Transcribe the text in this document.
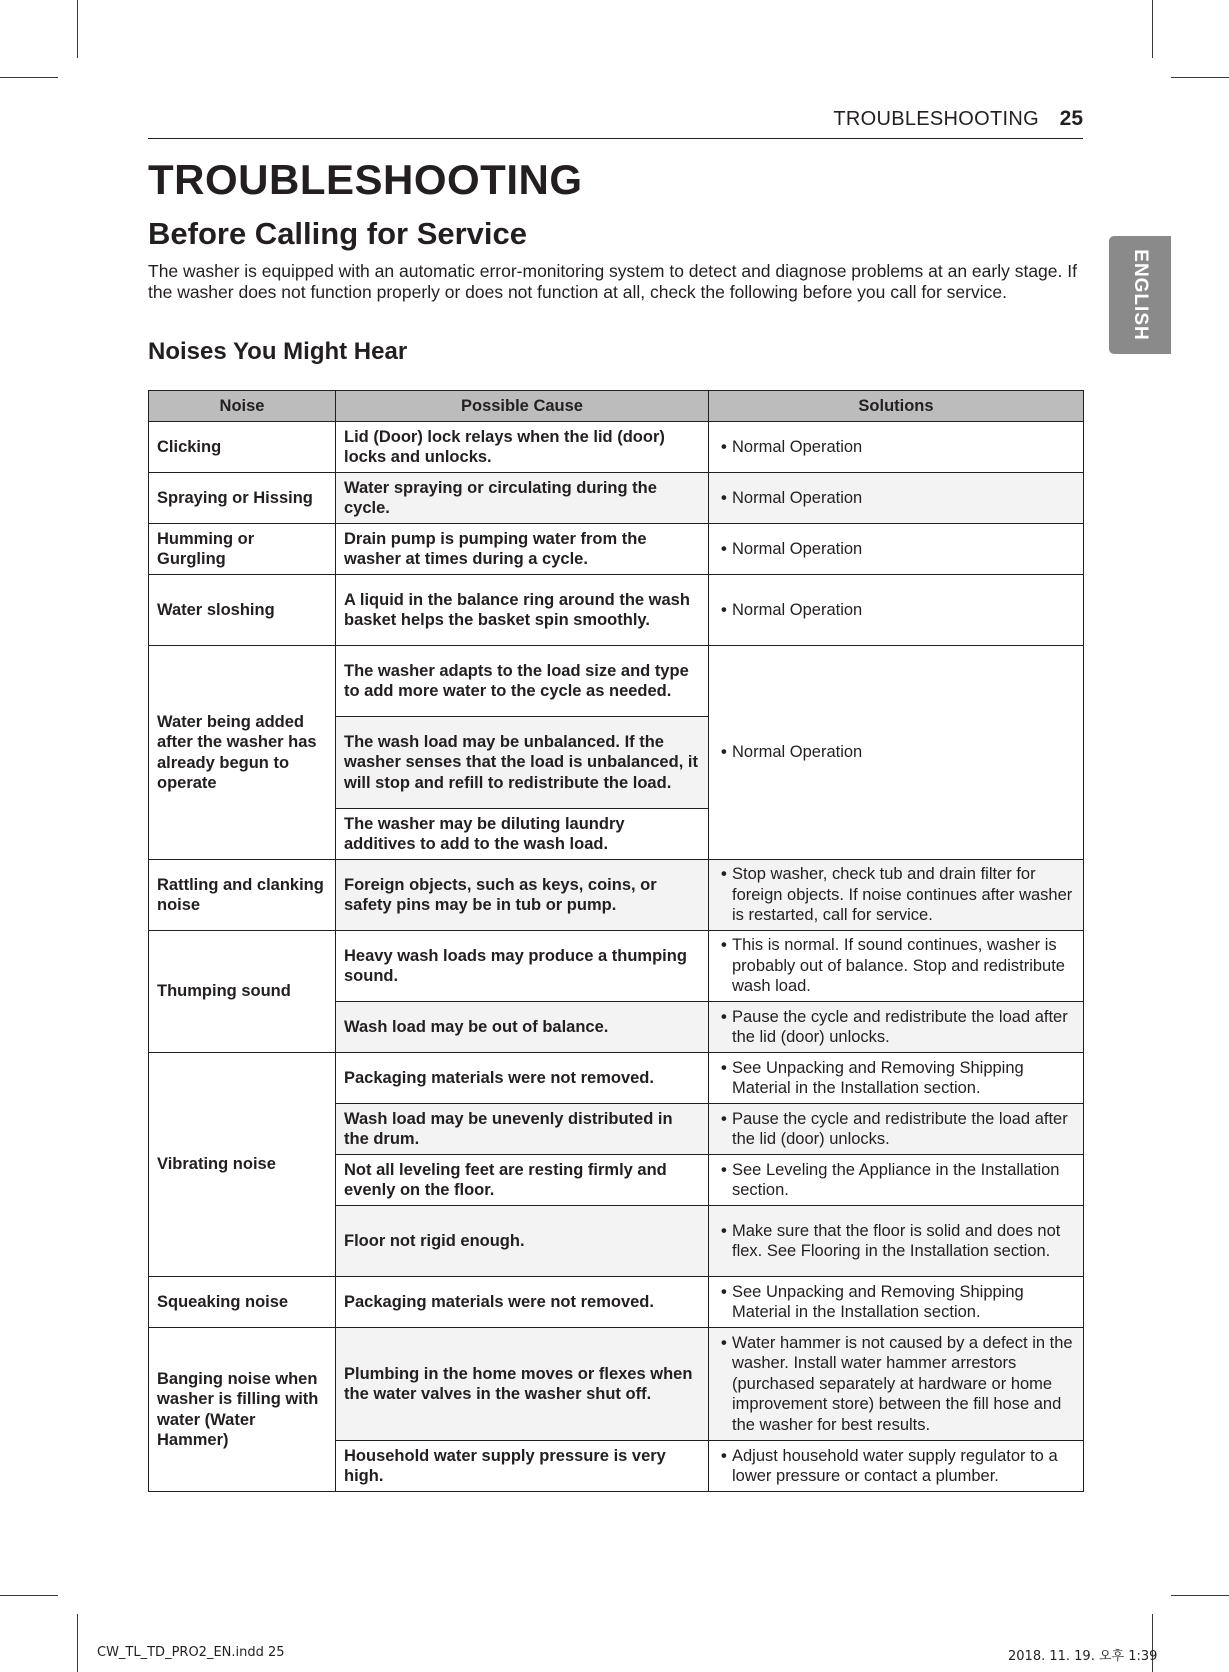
TROUBLESHOOTING 25
ENGLISH
TROUBLESHOOTING
Before Calling for Service

The washer is equipped with an automatic error-monitoring system to detect and diagnose problems at an early stage. If the washer does not function properly or does not function at all, check the following before you call for service.

Noises You Might Hear
Noise	Possible Cause	Solutions
Clicking	Lid (Door) lock relays when the lid (door) locks and unlocks.	• Normal Operation

Spraying or Hissing	Water spraying or circulating during the cycle.	• Normal Operation

Humming or Gurgling	Drain pump is pumping water from the washer at times during a cycle.	• Normal Operation

Water sloshing	A liquid in the balance ring around the wash basket helps the basket spin smoothly.	• Normal Operation

Water being added after the washer has already begun to operate	The washer adapts to the load size and type to add more water to the cycle as needed.	• Normal Operation

	The wash load may be unbalanced. If the washer senses that the load is unbalanced, it will stop and refill to redistribute the load.	
	The washer may be diluting laundry additives to add to the wash load.	
Rattling and clanking noise	Foreign objects, such as keys, coins, or safety pins may be in tub or pump.	• Stop washer, check tub and drain filter for foreign objects. If noise continues after washer is restarted, call for service.

Thumping sound	Heavy wash loads may produce a thumping sound.	• This is normal. If sound continues, washer is probably out of balance. Stop and redistribute wash load.

	Wash load may be out of balance.	• Pause the cycle and redistribute the load after the lid (door) unlocks.

Vibrating noise	Packaging materials were not removed.	• See Unpacking and Removing Shipping Material in the Installation section.

	Wash load may be unevenly distributed in the drum.	• Pause the cycle and redistribute the load after the lid (door) unlocks.

	Not all leveling feet are resting firmly and evenly on the floor.	• See Leveling the Appliance in the Installation section.

	Floor not rigid enough.	• Make sure that the floor is solid and does not flex. See Flooring in the Installation section.

Squeaking noise	Packaging materials were not removed.	• See Unpacking and Removing Shipping Material in the Installation section.

Banging noise when washer is filling with water (Water Hammer)	Plumbing in the home moves or flexes when the water valves in the washer shut off.	• Water hammer is not caused by a defect in the washer. Install water hammer arrestors (purchased separately at hardware or home improvement store) between the fill hose and the washer for best results.

	Household water supply pressure is very high.	• Adjust household water supply regulator to a lower pressure or contact a plumber.
CW_TL_TD_PRO2_EN.indd 25	2018. 11. 19. 오후 1:39
